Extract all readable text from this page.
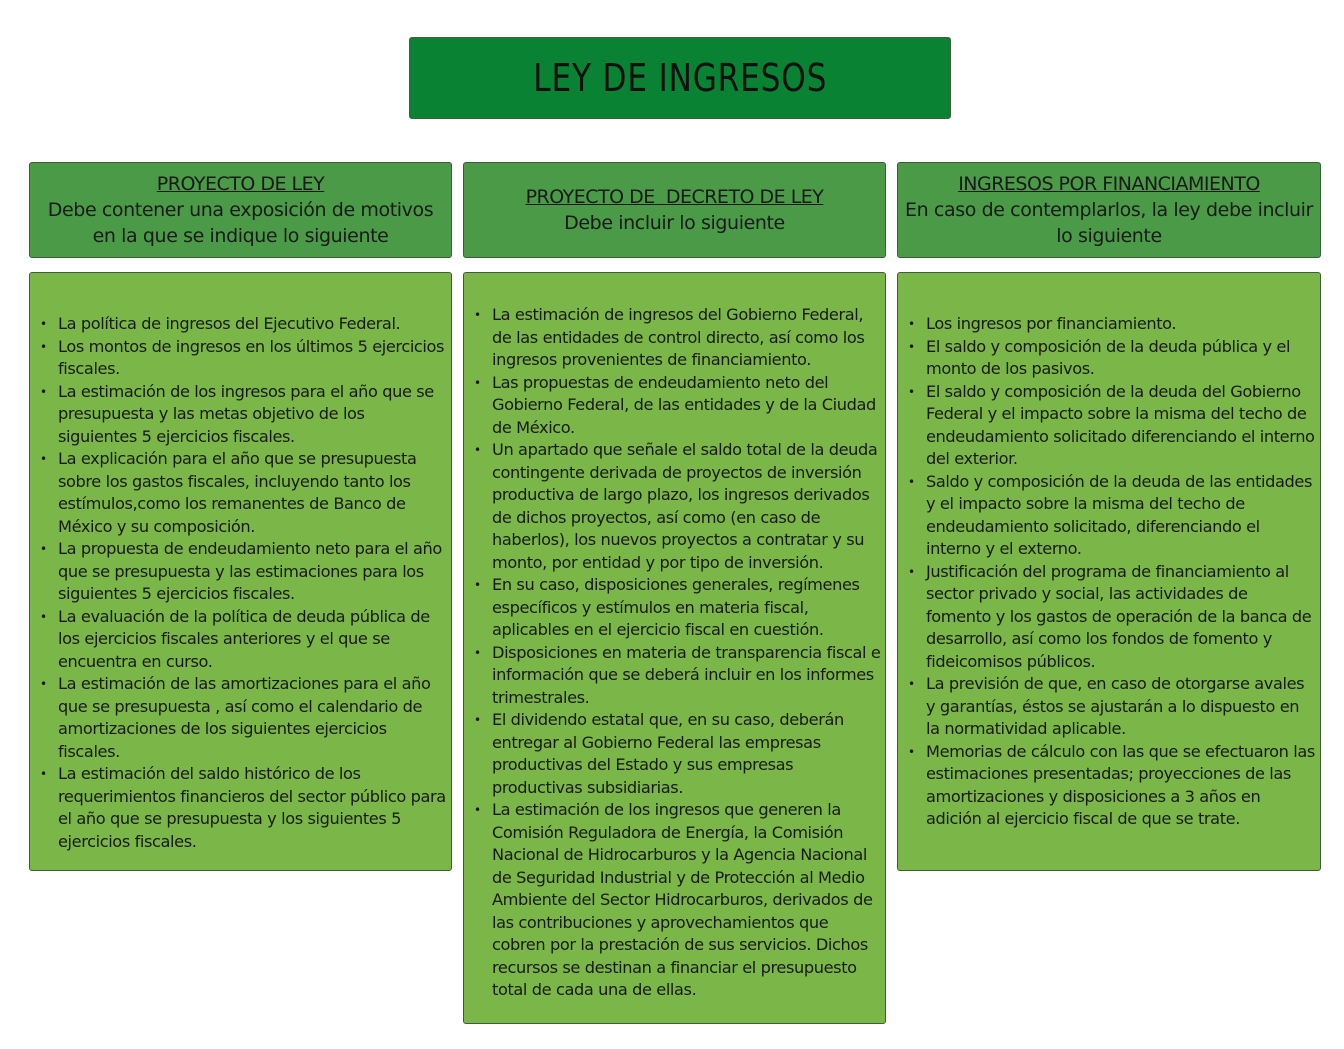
LEY DE INGRESOS
PROYECTO DE LEY
Debe contener una exposición de motivos en la que se indique lo siguiente
PROYECTO DE  DECRETO DE LEY
Debe incluir lo siguiente
INGRESOS POR FINANCIAMIENTO
En caso de contemplarlos, la ley debe incluir lo siguiente
• La política de ingresos del Ejecutivo Federal.
• Los montos de ingresos en los últimos 5 ejercicios fiscales.
• La estimación de los ingresos para el año que se presupuesta y las metas objetivo de los siguientes 5 ejercicios fiscales.
• La explicación para el año que se presupuesta sobre los gastos fiscales, incluyendo tanto los estímulos,como los remanentes de Banco de México y su composición.
• La propuesta de endeudamiento neto para el año que se presupuesta y las estimaciones para los siguientes 5 ejercicios fiscales.
• La evaluación de la política de deuda pública de los ejercicios fiscales anteriores y el que se encuentra en curso.
• La estimación de las amortizaciones para el año que se presupuesta , así como el calendario de amortizaciones de los siguientes ejercicios fiscales.
• La estimación del saldo histórico de los requerimientos financieros del sector público para el año que se presupuesta y los siguientes 5 ejercicios fiscales.
• La estimación de ingresos del Gobierno Federal, de las entidades de control directo, así como los ingresos provenientes de financiamiento.
• Las propuestas de endeudamiento neto del Gobierno Federal, de las entidades y de la Ciudad de México.
• Un apartado que señale el saldo total de la deuda contingente derivada de proyectos de inversión productiva de largo plazo, los ingresos derivados de dichos proyectos, así como (en caso de haberlos), los nuevos proyectos a contratar y su monto, por entidad y por tipo de inversión.
• En su caso, disposiciones generales, regímenes específicos y estímulos en materia fiscal, aplicables en el ejercicio fiscal en cuestión.
• Disposiciones en materia de transparencia fiscal e información que se deberá incluir en los informes trimestrales.
• El dividendo estatal que, en su caso, deberán entregar al Gobierno Federal las empresas productivas del Estado y sus empresas productivas subsidiarias.
• La estimación de los ingresos que generen la Comisión Reguladora de Energía, la Comisión Nacional de Hidrocarburos y la Agencia Nacional de Seguridad Industrial y de Protección al Medio Ambiente del Sector Hidrocarburos, derivados de las contribuciones y aprovechamientos que cobren por la prestación de sus servicios. Dichos recursos se destinan a financiar el presupuesto total de cada una de ellas.
• Los ingresos por financiamiento.
• El saldo y composición de la deuda pública y el monto de los pasivos.
• El saldo y composición de la deuda del Gobierno Federal y el impacto sobre la misma del techo de endeudamiento solicitado diferenciando el interno del exterior.
• Saldo y composición de la deuda de las entidades y el impacto sobre la misma del techo de endeudamiento solicitado, diferenciando el interno y el externo.
• Justificación del programa de financiamiento al sector privado y social, las actividades de fomento y los gastos de operación de la banca de desarrollo, así como los fondos de fomento y fideicomisos públicos.
• La previsión de que, en caso de otorgarse avales y garantías, éstos se ajustarán a lo dispuesto en la normatividad aplicable.
• Memorias de cálculo con las que se efectuaron las estimaciones presentadas; proyecciones de las amortizaciones y disposiciones a 3 años en adición al ejercicio fiscal de que se trate.
